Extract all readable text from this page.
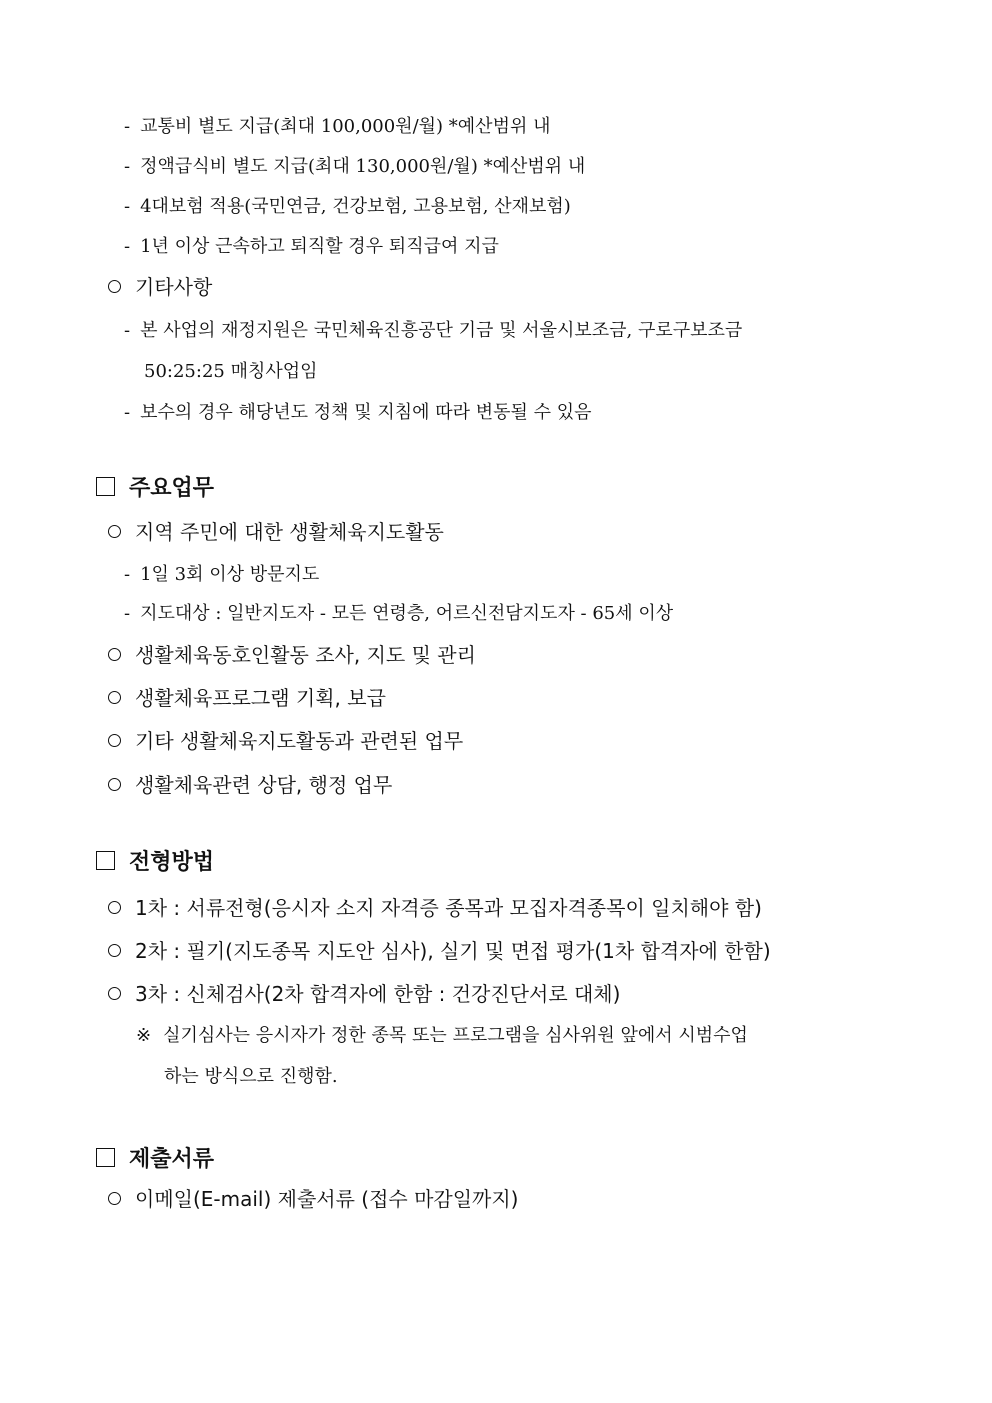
- 교통비 별도 지급(최대 100,000원/월) *예산범위 내
- 정액급식비 별도 지급(최대 130,000원/월) *예산범위 내
- 4대보험 적용(국민연금, 건강보험, 고용보험, 산재보험)
- 1년 이상 근속하고 퇴직할 경우 퇴직급여 지급
기타사항
- 본 사업의 재정지원은 국민체육진흥공단 기금 및 서울시보조금, 구로구보조금
50:25:25 매칭사업임
- 보수의 경우 해당년도 정책 및 지침에 따라 변동될 수 있음
주요업무
지역 주민에 대한 생활체육지도활동
- 1일 3회 이상 방문지도
- 지도대상 : 일반지도자 - 모든 연령층, 어르신전담지도자 - 65세 이상
생활체육동호인활동 조사, 지도 및 관리
생활체육프로그램 기획, 보급
기타 생활체육지도활동과 관련된 업무
생활체육관련 상담, 행정 업무
전형방법
1차 : 서류전형(응시자 소지 자격증 종목과 모집자격종목이 일치해야 함)
2차 : 필기(지도종목 지도안 심사), 실기 및 면접 평가(1차 합격자에 한함)
3차 : 신체검사(2차 합격자에 한함 : 건강진단서로 대체)
※ 실기심사는 응시자가 정한 종목 또는 프로그램을 심사위원 앞에서 시범수업
하는 방식으로 진행함.
제출서류
이메일(E-mail) 제출서류 (접수 마감일까지)
